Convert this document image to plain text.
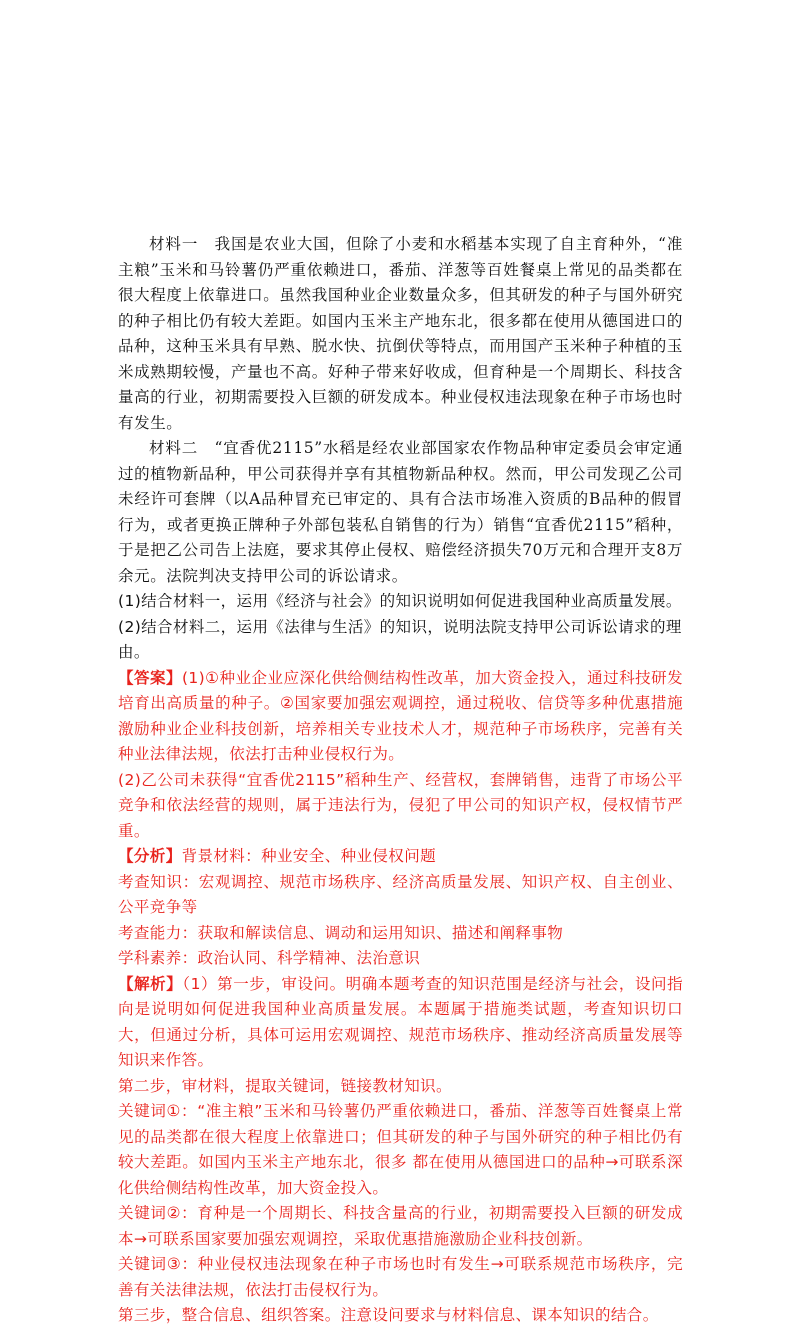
材料一　我国是农业大国，但除了小麦和水稻基本实现了自主育种外，“准主粮”玉米和马铃薯仍严重依赖进口，番茄、洋葱等百姓餐桌上常见的品类都在很大程度上依靠进口。虽然我国种业企业数量众多，但其研发的种子与国外研究的种子相比仍有较大差距。如国内玉米主产地东北，很多都在使用从德国进口的品种，这种玉米具有早熟、脱水快、抗倒伏等特点，而用国产玉米种子种植的玉米成熟期较慢，产量也不高。好种子带来好收成，但育种是一个周期长、科技含量高的行业，初期需要投入巨额的研发成本。种业侵权违法现象在种子市场也时有发生。

材料二　“宜香优2115”水稻是经农业部国家农作物品种审定委员会审定通过的植物新品种，甲公司获得并享有其植物新品种权。然而，甲公司发现乙公司未经许可套牌（以A品种冒充已审定的、具有合法市场准入资质的B品种的假冒行为，或者更换正牌种子外部包装私自销售的行为）销售“宜香优2115”稻种，于是把乙公司告上法庭，要求其停止侵权、赔偿经济损失70万元和合理开支8万余元。法院判决支持甲公司的诉讼请求。

(1)结合材料一，运用《经济与社会》的知识说明如何促进我国种业高质量发展。

(2)结合材料二，运用《法律与生活》的知识，说明法院支持甲公司诉讼请求的理由。

【答案】(1)①种业企业应深化供给侧结构性改革，加大资金投入，通过科技研发培育出高质量的种子。②国家要加强宏观调控，通过税收、信贷等多种优惠措施激励种业企业科技创新，培养相关专业技术人才，规范种子市场秩序，完善有关种业法律法规，依法打击种业侵权行为。

(2)乙公司未获得“宜香优2115”稻种生产、经营权，套牌销售，违背了市场公平竞争和依法经营的规则，属于违法行为，侵犯了甲公司的知识产权，侵权情节严重。

【分析】背景材料：种业安全、种业侵权问题

考查知识：宏观调控、规范市场秩序、经济高质量发展、知识产权、自主创业、公平竞争等

考查能力：获取和解读信息、调动和运用知识、描述和阐释事物

学科素养：政治认同、科学精神、法治意识

【解析】（1）第一步，审设问。明确本题考查的知识范围是经济与社会，设问指向是说明如何促进我国种业高质量发展。本题属于措施类试题，考查知识切口大，但通过分析，具体可运用宏观调控、规范市场秩序、推动经济高质量发展等知识来作答。

第二步，审材料，提取关键词，链接教材知识。

关键词①：“准主粮”玉米和马铃薯仍严重依赖进口，番茄、洋葱等百姓餐桌上常见的品类都在很大程度上依靠进口；但其研发的种子与国外研究的种子相比仍有较大差距。如国内玉米主产地东北，很多 都在使用从德国进口的品种→可联系深化供给侧结构性改革，加大资金投入。

关键词②：育种是一个周期长、科技含量高的行业，初期需要投入巨额的研发成本→可联系国家要加强宏观调控，采取优惠措施激励企业科技创新。

关键词③：种业侵权违法现象在种子市场也时有发生→可联系规范市场秩序，完善有关法律法规，依法打击侵权行为。

第三步，整合信息、组织答案。注意设问要求与材料信息、课本知识的结合。
